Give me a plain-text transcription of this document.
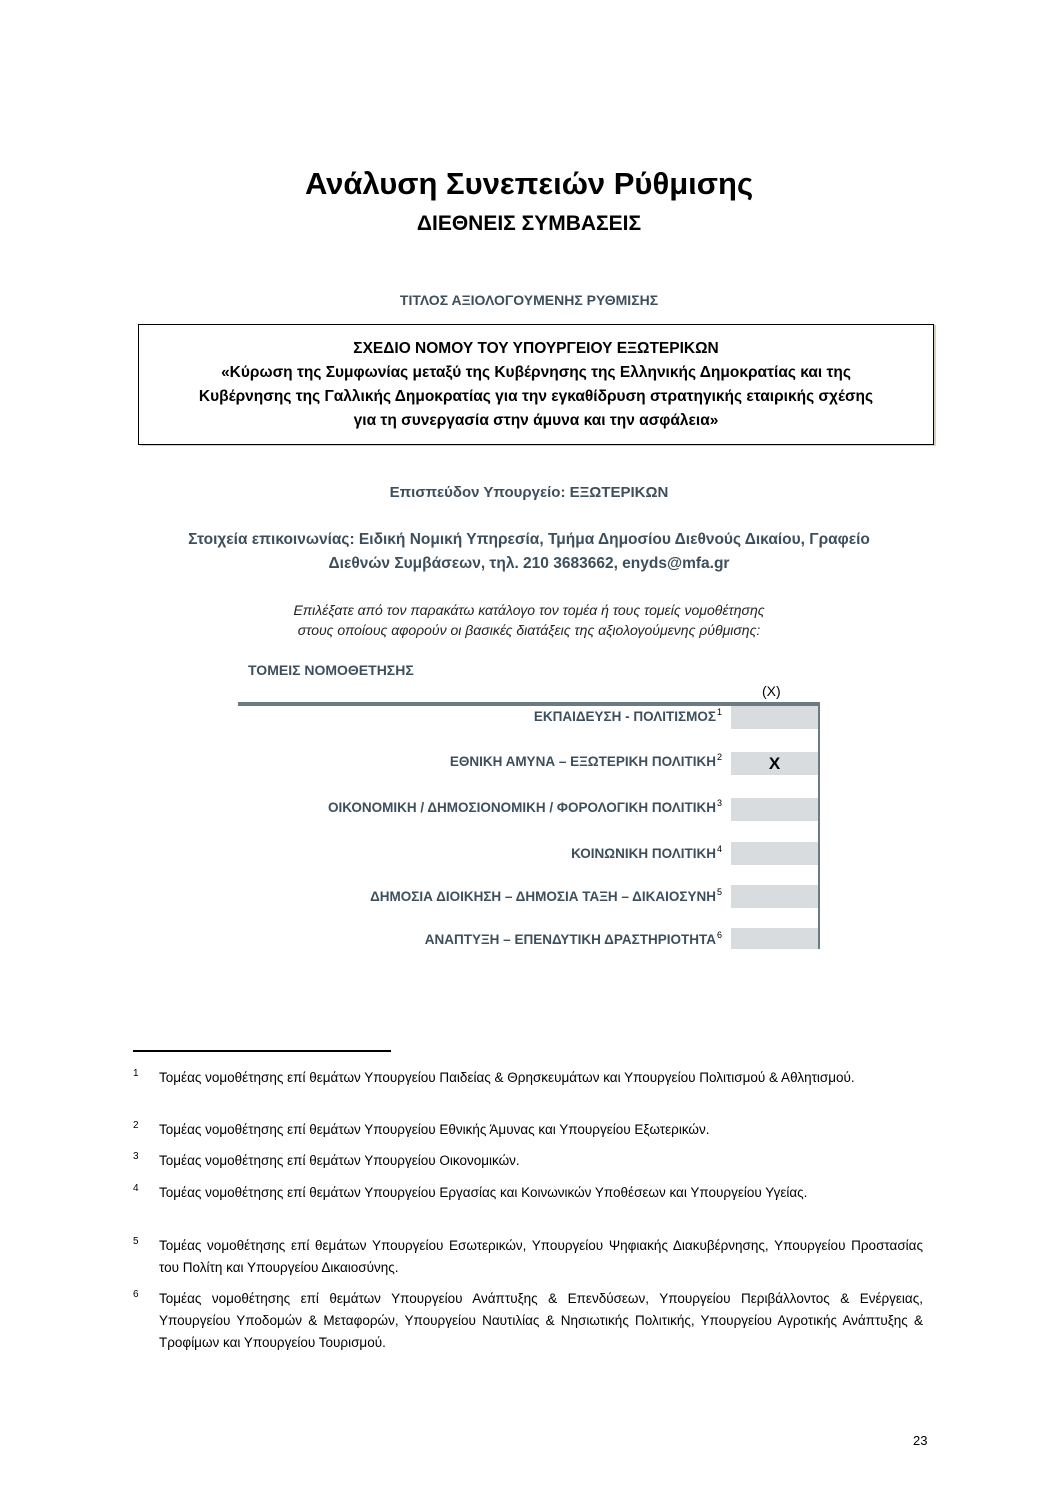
Ανάλυση Συνεπειών Ρύθμισης
ΔΙΕΘΝΕΙΣ ΣΥΜΒΑΣΕΙΣ
ΤΙΤΛΟΣ ΑΞΙΟΛΟΓΟΥΜΕΝΗΣ ΡΥΘΜΙΣΗΣ
ΣΧΕΔΙΟ ΝΟΜΟΥ ΤΟΥ ΥΠΟΥΡΓΕΙΟΥ ΕΞΩΤΕΡΙΚΩΝ
«Κύρωση της Συμφωνίας μεταξύ της Κυβέρνησης της Ελληνικής Δημοκρατίας και της
Κυβέρνησης της Γαλλικής Δημοκρατίας για την εγκαθίδρυση στρατηγικής εταιρικής σχέσης
για τη συνεργασία στην άμυνα και την ασφάλεια»
Επισπεύδον Υπουργείο: ΕΞΩΤΕΡΙΚΩΝ
Στοιχεία επικοινωνίας: Ειδική Νομική Υπηρεσία, Τμήμα Δημοσίου Διεθνούς Δικαίου, Γραφείο
Διεθνών Συμβάσεων, τηλ. 210 3683662, enyds@mfa.gr
Επιλέξατε από τον παρακάτω κατάλογο τον τομέα ή τους τομείς νομοθέτησης
στους οποίους αφορούν οι βασικές διατάξεις της αξιολογούμενης ρύθμισης:
ΤΟΜΕΙΣ ΝΟΜΟΘΕΤΗΣΗΣ
(X)
ΕΚΠΑΙΔΕΥΣΗ - ΠΟΛΙΤΙΣΜΟΣ$^1$
ΕΘΝΙΚΗ ΑΜΥΝΑ – ΕΞΩΤΕΡΙΚΗ ΠΟΛΙΤΙΚΗ$^2$	X
ΟΙΚΟΝΟΜΙΚΗ / ΔΗΜΟΣΙΟΝΟΜΙΚΗ / ΦΟΡΟΛΟΓΙΚΗ ΠΟΛΙΤΙΚΗ$^3$
ΚΟΙΝΩΝΙΚΗ ΠΟΛΙΤΙΚΗ$^4$
ΔΗΜΟΣΙΑ ΔΙΟΙΚΗΣΗ – ΔΗΜΟΣΙΑ ΤΑΞΗ – ΔΙΚΑΙΟΣΥΝΗ$^5$
ΑΝΑΠΤΥΞΗ – ΕΠΕΝΔΥΤΙΚΗ ΔΡΑΣΤΗΡΙΟΤΗΤΑ$^6$
1 Τομέας νομοθέτησης επί θεμάτων Υπουργείου Παιδείας & Θρησκευμάτων και Υπουργείου Πολιτισμού & Αθλητισμού.
2 Τομέας νομοθέτησης επί θεμάτων Υπουργείου Εθνικής Άμυνας και Υπουργείου Εξωτερικών.
3 Τομέας νομοθέτησης επί θεμάτων Υπουργείου Οικονομικών.
4 Τομέας νομοθέτησης επί θεμάτων Υπουργείου Εργασίας και Κοινωνικών Υποθέσεων και Υπουργείου Υγείας.
5 Τομέας νομοθέτησης επί θεμάτων Υπουργείου Εσωτερικών, Υπουργείου Ψηφιακής Διακυβέρνησης, Υπουργείου Προστασίας του Πολίτη και Υπουργείου Δικαιοσύνης.
6 Τομέας νομοθέτησης επί θεμάτων Υπουργείου Ανάπτυξης & Επενδύσεων, Υπουργείου Περιβάλλοντος & Ενέργειας, Υπουργείου Υποδομών & Μεταφορών, Υπουργείου Ναυτιλίας & Νησιωτικής Πολιτικής, Υπουργείου Αγροτικής Ανάπτυξης & Τροφίμων και Υπουργείου Τουρισμού.
23
